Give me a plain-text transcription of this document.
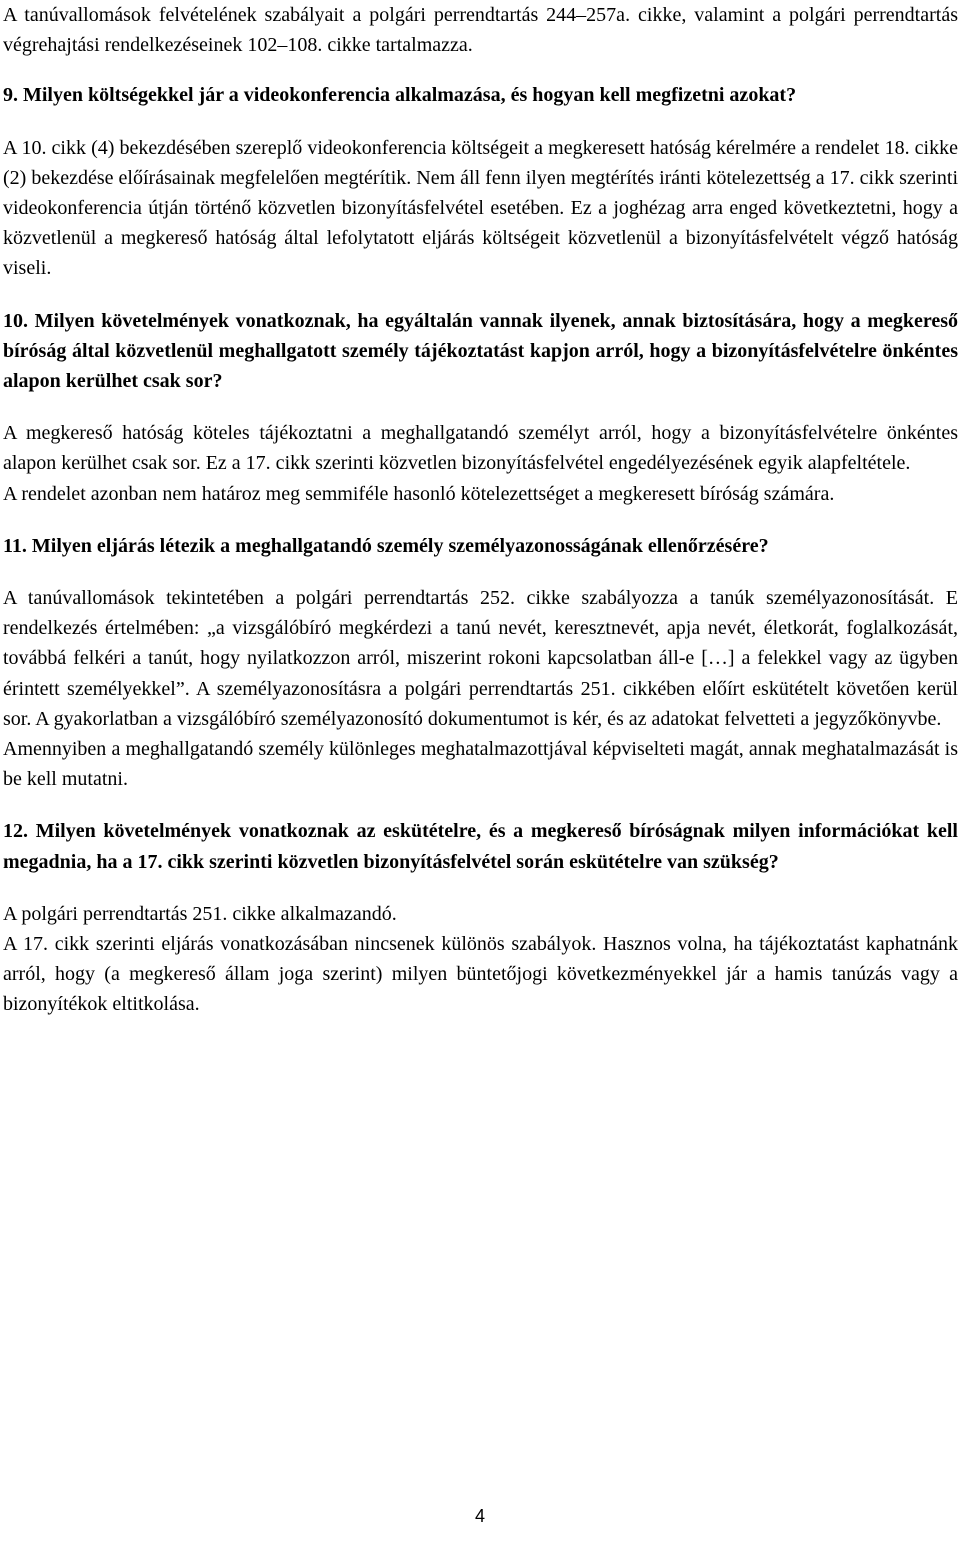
A tanúvallomások felvételének szabályait a polgári perrendtartás 244–257a. cikke, valamint a polgári perrendtartás végrehajtási rendelkezéseinek 102–108. cikke tartalmazza.

9. Milyen költségekkel jár a videokonferencia alkalmazása, és hogyan kell megfizetni azokat?

A 10. cikk (4) bekezdésében szereplő videokonferencia költségeit a megkeresett hatóság kérelmére a rendelet 18. cikke (2) bekezdése előírásainak megfelelően megtérítik. Nem áll fenn ilyen megtérítés iránti kötelezettség a 17. cikk szerinti videokonferencia útján történő közvetlen bizonyításfelvétel esetében. Ez a joghézag arra enged következtetni, hogy a közvetlenül a megkereső hatóság által lefolytatott eljárás költségeit közvetlenül a bizonyításfelvételt végző hatóság viseli.

10. Milyen követelmények vonatkoznak, ha egyáltalán vannak ilyenek, annak biztosítására, hogy a megkereső bíróság által közvetlenül meghallgatott személy tájékoztatást kapjon arról, hogy a bizonyításfelvételre önkéntes alapon kerülhet csak sor?

A megkereső hatóság köteles tájékoztatni a meghallgatandó személyt arról, hogy a bizonyításfelvételre önkéntes alapon kerülhet csak sor. Ez a 17. cikk szerinti közvetlen bizonyításfelvétel engedélyezésének egyik alapfeltétele.

A rendelet azonban nem határoz meg semmiféle hasonló kötelezettséget a megkeresett bíróság számára.

11. Milyen eljárás létezik a meghallgatandó személy személyazonosságának ellenőrzésére?

A tanúvallomások tekintetében a polgári perrendtartás 252. cikke szabályozza a tanúk személyazonosítását. E rendelkezés értelmében: „a vizsgálóbíró megkérdezi a tanú nevét, keresztnevét, apja nevét, életkorát, foglalkozását, továbbá felkéri a tanút, hogy nyilatkozzon arról, miszerint rokoni kapcsolatban áll-e […] a felekkel vagy az ügyben érintett személyekkel”. A személyazonosításra a polgári perrendtartás 251. cikkében előírt eskütételt követően kerül sor. A gyakorlatban a vizsgálóbíró személyazonosító dokumentumot is kér, és az adatokat felvetteti a jegyzőkönyvbe.

Amennyiben a meghallgatandó személy különleges meghatalmazottjával képviselteti magát, annak meghatalmazását is be kell mutatni.

12. Milyen követelmények vonatkoznak az eskütételre, és a megkereső bíróságnak milyen információkat kell megadnia, ha a 17. cikk szerinti közvetlen bizonyításfelvétel során eskütételre van szükség?

A polgári perrendtartás 251. cikke alkalmazandó.

A 17. cikk szerinti eljárás vonatkozásában nincsenek különös szabályok. Hasznos volna, ha tájékoztatást kaphatnánk arról, hogy (a megkereső állam joga szerint) milyen büntetőjogi következményekkel jár a hamis tanúzás vagy a bizonyítékok eltitkolása.

4
